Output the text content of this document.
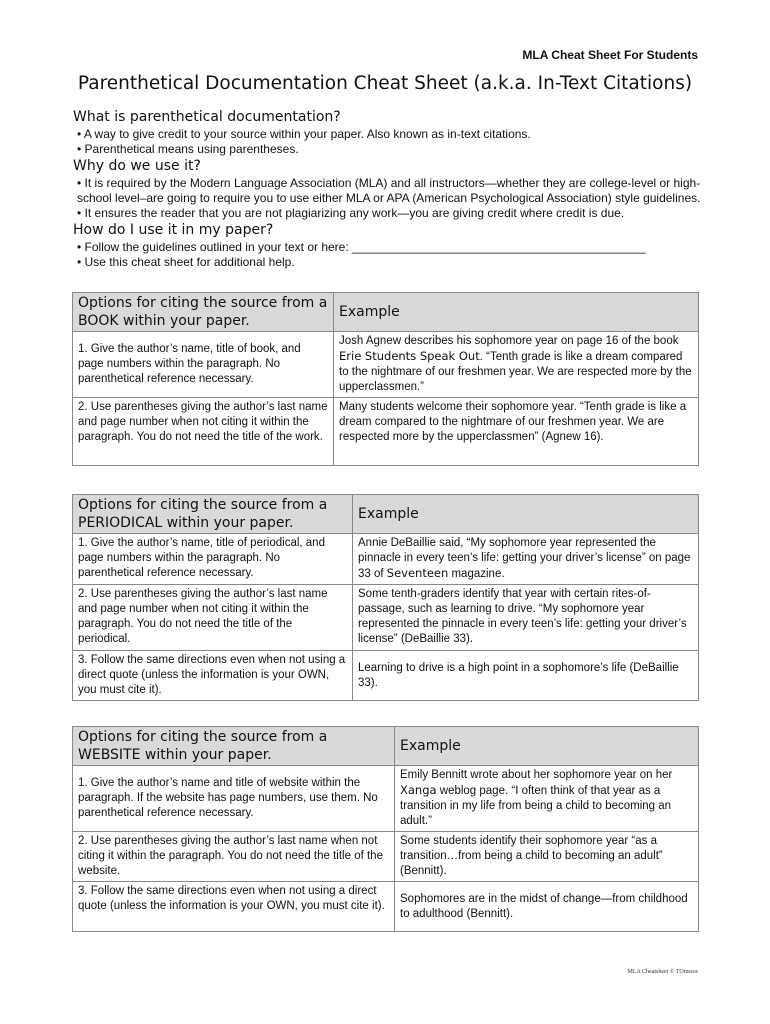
MLA Cheat Sheet For Students
Parenthetical Documentation Cheat Sheet (a.k.a. In-Text Citations)
What is parenthetical documentation?

• A way to give credit to your source within your paper. Also known as in-text citations.

• Parenthetical means using parentheses.

Why do we use it?

• It is required by the Modern Language Association (MLA) and all instructors—whether they are college-level or high-school level–are going to require you to use either MLA or APA (American Psychological Association) style guidelines.

• It ensures the reader that you are not plagiarizing any work—you are giving credit where credit is due.

How do I use it in my paper?

• Follow the guidelines outlined in your text or here: ____________________________________________

• Use this cheat sheet for additional help.

Options for citing the source from a BOOK within your paper.	Example
1. Give the author’s name, title of book, and page numbers within the paragraph. No parenthetical reference necessary.	Josh Agnew describes his sophomore year on page 16 of the book Erie Students Speak Out. “Tenth grade is like a dream compared to the nightmare of our freshmen year. We are respected more by the upperclassmen.”
2. Use parentheses giving the author’s last name and page number when not citing it within the paragraph. You do not need the title of the work.	Many students welcome their sophomore year. “Tenth grade is like a dream compared to the nightmare of our freshmen year. We are respected more by the upperclassmen” (Agnew 16).
Options for citing the source from a PERIODICAL within your paper.	Example
1. Give the author’s name, title of periodical, and page numbers within the paragraph. No parenthetical reference necessary.	Annie DeBaillie said, “My sophomore year represented the pinnacle in every teen’s life: getting your driver’s license” on page 33 of Seventeen magazine.
2. Use parentheses giving the author’s last name and page number when not citing it within the paragraph. You do not need the title of the periodical.	Some tenth-graders identify that year with certain rites-of-passage, such as learning to drive. “My sophomore year represented the pinnacle in every teen’s life: getting your driver’s license” (DeBaillie 33).
3. Follow the same directions even when not using a direct quote (unless the information is your OWN, you must cite it).	Learning to drive is a high point in a sophomore’s life (DeBaillie 33).
Options for citing the source from a WEBSITE within your paper.	Example
1. Give the author’s name and title of website within the paragraph. If the website has page numbers, use them. No parenthetical reference necessary.	Emily Bennitt wrote about her sophomore year on her Xanga weblog page. “I often think of that year as a transition in my life from being a child to becoming an adult.”
2. Use parentheses giving the author’s last name when not citing it within the paragraph. You do not need the title of the website.	Some students identify their sophomore year “as a transition…from being a child to becoming an adult” (Bennitt).
3. Follow the same directions even when not using a direct quote (unless the information is your OWN, you must cite it).	Sophomores are in the midst of change—from childhood to adulthood (Bennitt).
MLA Cheatsheet © TOrmsos
